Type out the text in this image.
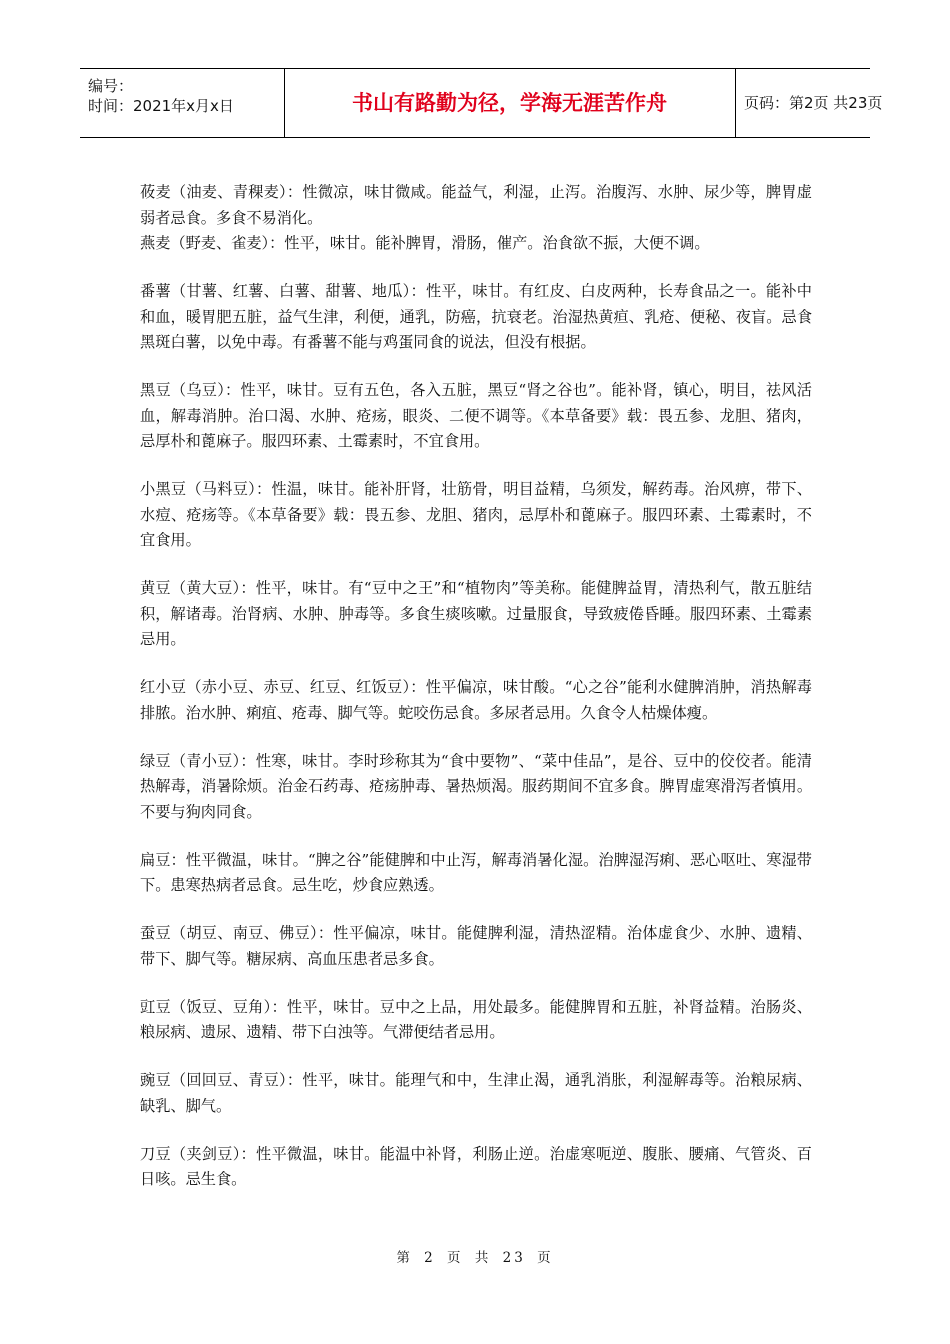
编号：
时间：2021年x月x日	书山有路勤为径，学海无涯苦作舟	页码：第2页 共23页

莜麦（油麦、青稞麦）：性微凉，味甘微咸。能益气，利湿，止泻。治腹泻、水肿、尿少等，脾胃虚弱者忌食。多食不易消化。

燕麦（野麦、雀麦）：性平，味甘。能补脾胃，滑肠，催产。治食欲不振，大便不调。

番薯（甘薯、红薯、白薯、甜薯、地瓜）：性平，味甘。有红皮、白皮两种，长寿食品之一。能补中和血，暖胃肥五脏，益气生津，利便，通乳，防癌，抗衰老。治湿热黄疸、乳疮、便秘、夜盲。忌食黑斑白薯，以免中毒。有番薯不能与鸡蛋同食的说法，但没有根据。

黑豆（乌豆）：性平，味甘。豆有五色，各入五脏，黑豆“肾之谷也”。能补肾，镇心，明目，祛风活血，解毒消肿。治口渴、水肿、疮疡，眼炎、二便不调等。《本草备要》载：畏五参、龙胆、猪肉，忌厚朴和蓖麻子。服四环素、土霉素时，不宜食用。

小黑豆（马料豆）：性温，味甘。能补肝肾，壮筋骨，明目益精，乌须发，解药毒。治风痹，带下、水痘、疮疡等。《本草备要》载：畏五参、龙胆、猪肉，忌厚朴和蓖麻子。服四环素、土霉素时，不宜食用。

黄豆（黄大豆）：性平，味甘。有“豆中之王”和“植物肉”等美称。能健脾益胃，清热利气，散五脏结积，解诸毒。治肾病、水肿、肿毒等。多食生痰咳嗽。过量服食，导致疲倦昏睡。服四环素、土霉素忌用。

红小豆（赤小豆、赤豆、红豆、红饭豆）：性平偏凉，味甘酸。“心之谷”能利水健脾消肿，消热解毒排脓。治水肿、痢疽、疮毒、脚气等。蛇咬伤忌食。多尿者忌用。久食令人枯燥体瘦。

绿豆（青小豆）：性寒，味甘。李时珍称其为“食中要物”、“菜中佳品”，是谷、豆中的佼佼者。能清热解毒，消暑除烦。治金石药毒、疮疡肿毒、暑热烦渴。服药期间不宜多食。脾胃虚寒滑泻者慎用。不要与狗肉同食。

扁豆：性平微温，味甘。“脾之谷”能健脾和中止泻，解毒消暑化湿。治脾湿泻痢、恶心呕吐、寒湿带下。患寒热病者忌食。忌生吃，炒食应熟透。

蚕豆（胡豆、南豆、佛豆）：性平偏凉，味甘。能健脾利湿，清热涩精。治体虚食少、水肿、遗精、带下、脚气等。糖尿病、高血压患者忌多食。

豇豆（饭豆、豆角）：性平，味甘。豆中之上品，用处最多。能健脾胃和五脏，补肾益精。治肠炎、粮尿病、遗尿、遗精、带下白浊等。气滞便结者忌用。

豌豆（回回豆、青豆）：性平，味甘。能理气和中，生津止渴，通乳消胀，利湿解毒等。治粮尿病、缺乳、脚气。

刀豆（夹剑豆）：性平微温，味甘。能温中补肾，利肠止逆。治虚寒呃逆、腹胀、腰痛、气管炎、百日咳。忌生食。

第 2 页 共 23 页
